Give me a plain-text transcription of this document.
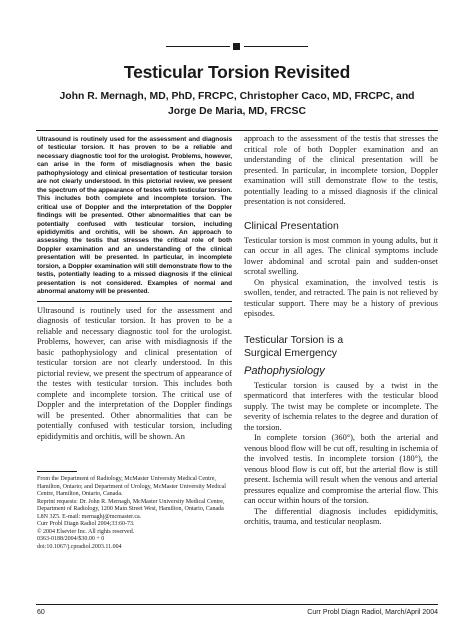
Testicular Torsion Revisited
John R. Mernagh, MD, PhD, FRCPC, Christopher Caco, MD, FRCPC, and
Jorge De Maria, MD, FRCSC

Ultrasound is routinely used for the assessment and diagnosis of testicular torsion. It has proven to be a reliable and necessary diagnostic tool for the urologist. Problems, however, can arise in the form of misdiagnosis when the basic pathophysiology and clinical presentation of testicular torsion are not clearly understood. In this pictorial review, we present the spectrum of the appearance of testes with testicular torsion. This includes both complete and incomplete torsion. The critical use of Doppler and the interpretation of the Doppler findings will be presented. Other abnormalities that can be potentially confused with testicular torsion, including epididymitis and orchitis, will be shown. An approach to assessing the testis that stresses the critical role of both Doppler examination and an understanding of the clinical presentation will be presented. In particular, in incomplete torsion, a Doppler examination will still demonstrate flow to the testis, potentially leading to a missed diagnosis if the clinical presentation is not considered. Examples of normal and abnormal anatomy will be presented.

Ultrasound is routinely used for the assessment and diagnosis of testicular torsion. It has proven to be a reliable and necessary diagnostic tool for the urologist. Problems, however, can arise with misdiagnosis if the basic pathophysiology and clinical presentation of testicular torsion are not clearly understood. In this pictorial review, we present the spectrum of appearance of the testes with testicular torsion. This includes both complete and incomplete torsion. The critical use of Doppler and the interpretation of the Doppler findings will be presented. Other abnormalities that can be potentially confused with testicular torsion, including epididymitis and orchitis, will be shown. An

From the Department of Radiology, McMaster University Medical Centre, Hamilton, Ontario; and Department of Urology, McMaster University Medical Centre, Hamilton, Ontario, Canada.

Reprint requests: Dr. John R. Mernagh, McMaster University Medical Centre, Department of Radiology, 1200 Main Street West, Hamilton, Ontario, Canada L8N 3Z5. E-mail: mernaghj@mcmaster.ca.

Curr Probl Diagn Radiol 2004;33:60-73.

© 2004 Elsevier Inc. All rights reserved.

0363-0188/2004/$30.00 + 0

doi:10.1067/j.cpradiol.2003.11.004

approach to the assessment of the testis that stresses the critical role of both Doppler examination and an understanding of the clinical presentation will be presented. In particular, in incomplete torsion, Doppler examination will still demonstrate flow to the testis, potentially leading to a missed diagnosis if the clinical presentation is not considered.

Clinical Presentation

Testicular torsion is most common in young adults, but it can occur in all ages. The clinical symptoms include lower abdominal and scrotal pain and sudden-onset scrotal swelling.

On physical examination, the involved testis is swollen, tender, and retracted. The pain is not relieved by testicular support. There may be a history of previous episodes.

Testicular Torsion is a
Surgical Emergency
Pathophysiology

Testicular torsion is caused by a twist in the spermaticord that interferes with the testicular blood supply. The twist may be complete or incomplete. The severity of ischemia relates to the degree and duration of the torsion.

In complete torsion (360°), both the arterial and venous blood flow will be cut off, resulting in ischemia of the involved testis. In incomplete torsion (180°), the venous blood flow is cut off, but the arterial flow is still present. Ischemia will result when the venous and arterial pressures equalize and compromise the arterial flow. This can occur within hours of the torsion.

The differential diagnosis includes epididymitis, orchitis, trauma, and testicular neoplasm.

60	Curr Probl Diagn Radiol, March/April 2004
